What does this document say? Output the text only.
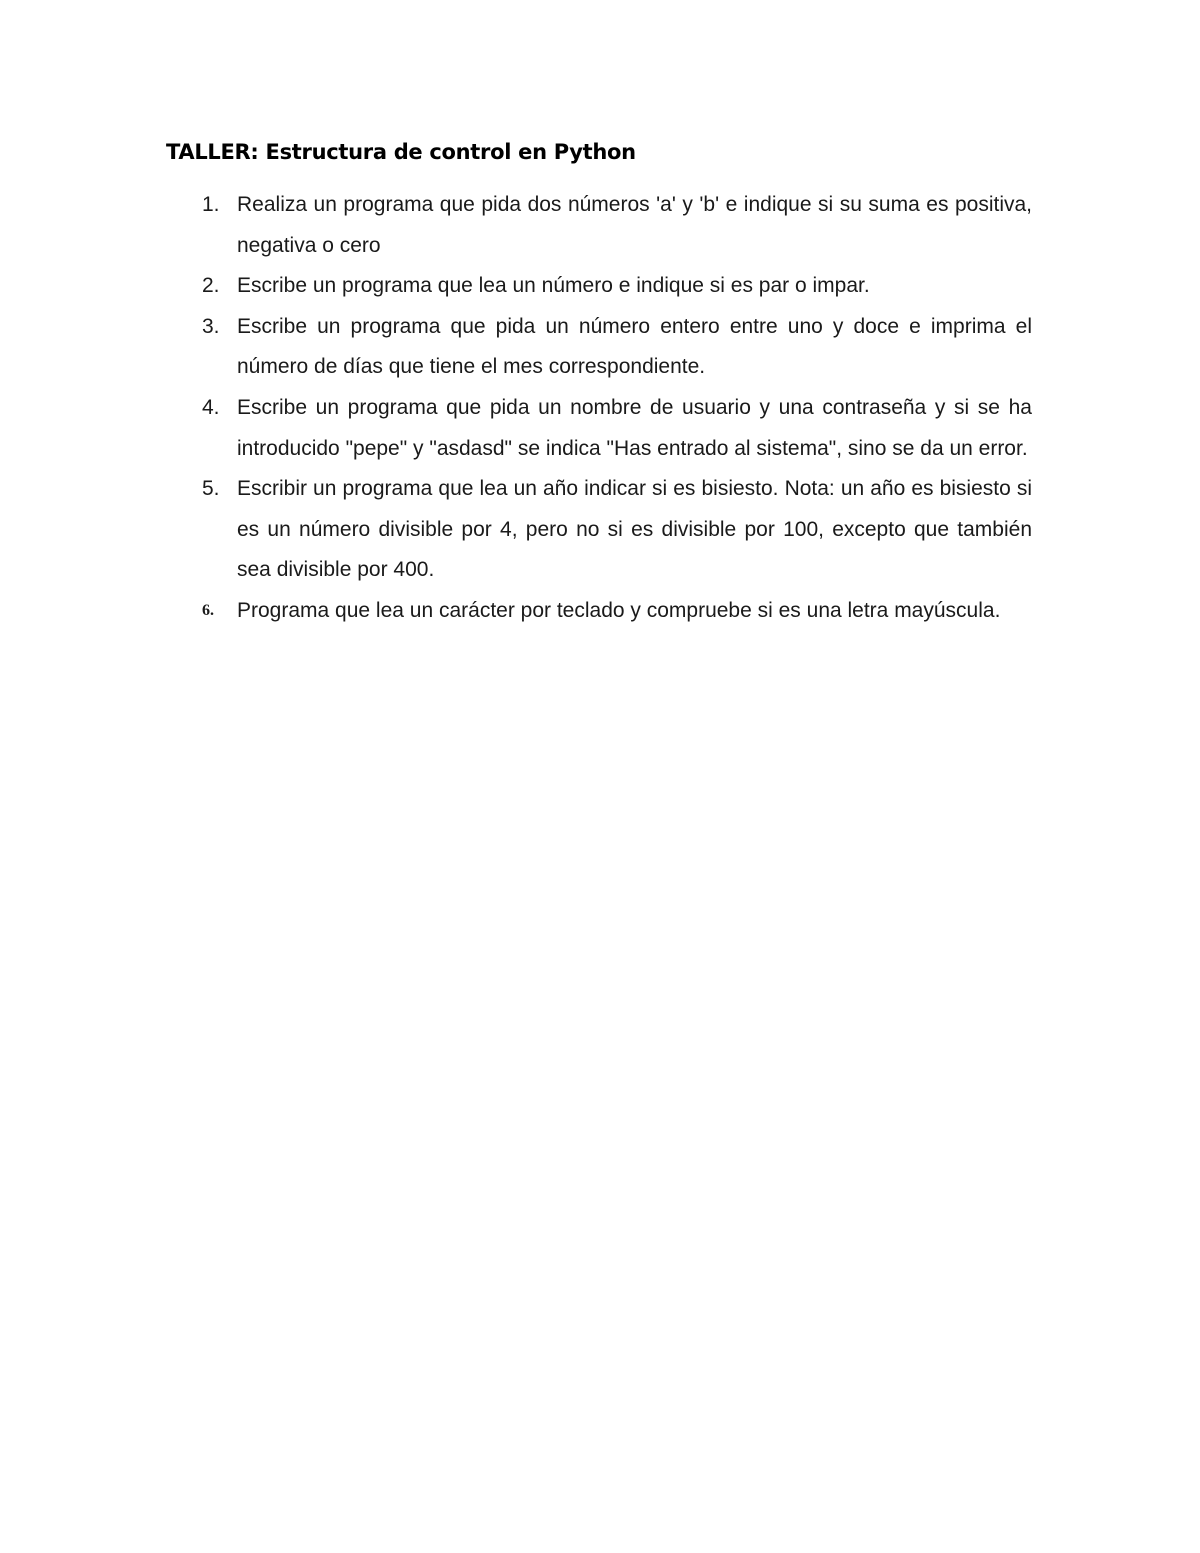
TALLER: Estructura de control en Python
1. Realiza un programa que pida dos números 'a' y 'b' e indique si su suma es positiva, negativa o cero
2. Escribe un programa que lea un número e indique si es par o impar.
3. Escribe un programa que pida un número entero entre uno y doce e imprima el número de días que tiene el mes correspondiente.
4. Escribe un programa que pida un nombre de usuario y una contraseña y si se ha introducido "pepe" y "asdasd" se indica "Has entrado al sistema", sino se da un error.
5. Escribir un programa que lea un año indicar si es bisiesto. Nota: un año es bisiesto si es un número divisible por 4, pero no si es divisible por 100, excepto que también sea divisible por 400.
6. Programa que lea un carácter por teclado y compruebe si es una letra mayúscula.
